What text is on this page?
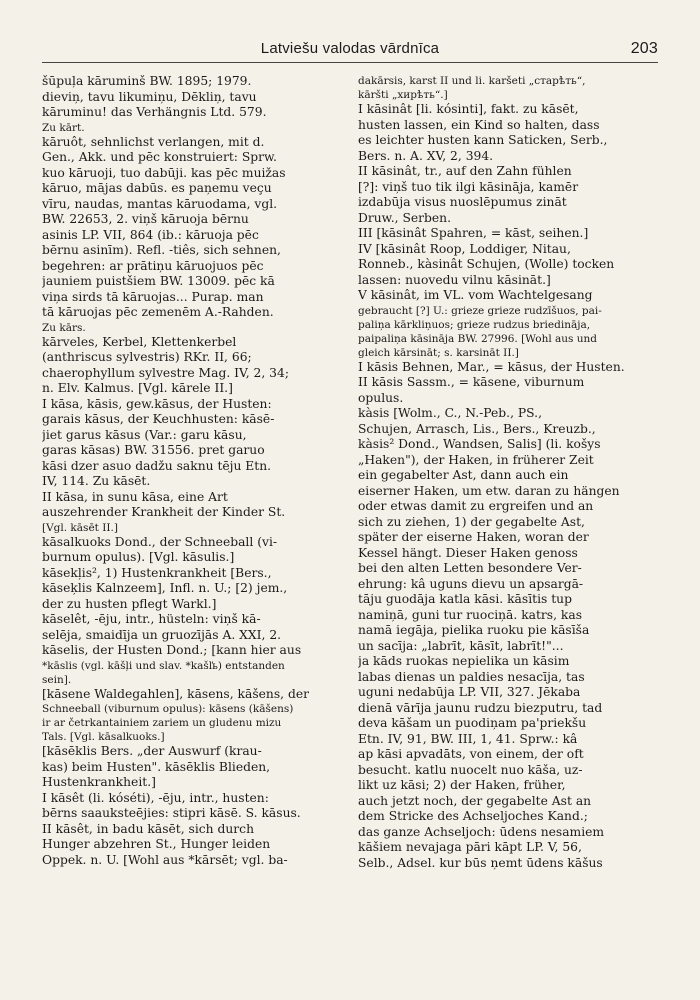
Latviešu valodas vārdnīca	203
šūpuļa kāruminš BW. 1895; 1979.
dieviņ, tavu likumiņu, Dēkliņ, tavu
kāruminu! das Verhängnis Ltd. 579.
Zu kārt.
kāruôt, sehnlichst verlangen, mit d.
Gen., Akk. und pēc konstruiert: Sprw.
kuo kāruoji, tuo dabūji. kas pēc muižas
kāruo, mājas dabūs. es paņemu veçu
vīru, naudas, mantas kāruodama, vgl.
BW. 22653, 2. viņš kāruoja bērnu
asinis LP. VII, 864 (ib.: kāruoja pēc
bērnu asinīm). Refl. -tiês, sich sehnen,
begehren: ar prātiņu kāruojuos pēc
jauniem puistšiem BW. 13009. pēc kā
viņa sirds tā kāruojas... Purap. man
tā kāruojas pēc zemenēm A.-Rahden.
Zu kārs.
kārveles, Kerbel, Klettenkerbel
(anthriscus sylvestris) RKr. II, 66;
chaerophyllum sylvestre Mag. IV, 2, 34;
n. Elv. Kalmus. [Vgl. kārele II.]
I kāsa, kāsis, gew.kāsus, der Husten:
garais kāsus, der Keuchhusten: kāsē-
jiet garus kāsus (Var.: garu kāsu,
garas kāsas) BW. 31556. pret garuo
kāsi dzer asuo dadžu saknu tēju Etn.
IV, 114. Zu kāsēt.
II kāsa, in sunu kāsa, eine Art
auszehrender Krankheit der Kinder St.
[Vgl. kāsēt II.]
kāsalkuoks Dond., der Schneeball (vi-
burnum opulus). [Vgl. kāsulis.]
kāsekl̦is², 1) Hustenkrankheit [Bers.,
kāsek̦lis Kalnzeem], Infl. n. U.; [2) jem.,
der zu husten pflegt Warkl.]
kāselêt, -ēju, intr., hüsteln: viņš kā-
selēja, smaidīja un gruozījās A. XXI, 2.
kāselis, der Husten Dond.; [kann hier aus
*kāslis (vgl. kāšļi und slav. *kašľь) entstanden
sein].
[kāsene Waldegahlen], kāsens, kāšens, der
Schneeball (viburnum opulus): kāsens (kāšens)
ir ar četrkantainiem zariem un gludenu mizu
Tals. [Vgl. kāsalkuoks.]
[kāsēklis Bers. „der Auswurf (krau-
kas) beim Husten". kāsēklis Blieden,
Hustenkrankheit.]
I kāsêt (li. kóséti), -ēju, intr., husten:
bērns saauksteējies: stipri kāsē. S. kāsus.
II kāsêt, in badu kāsēt, sich durch
Hunger abzehren St., Hunger leiden
Oppek. n. U. [Wohl aus *kārsēt; vgl. ba-
dakārsis, karst II und li. karšeti „старѣть“,
kāršti „хирѣть“.]
I kāsinât [li. kósinti], fakt. zu kāsēt,
husten lassen, ein Kind so halten, dass
es leichter husten kann Saticken, Serb.,
Bers. n. A. XV, 2, 394.
II kāsinât, tr., auf den Zahn fühlen
[?]: viņš tuo tik ilgi kāsināja, kamēr
izdabūja visus nuoslēpumus zināt
Druw., Serben.
III [kāsinât Spahren, = kāst, seihen.]
IV [kāsinât Roop, Loddiger, Nitau,
Ronneb., kàsinât Schujen, (Wolle) tocken
lassen: nuovedu vilnu kāsināt.]
V kāsinât, im VL. vom Wachtelgesang
gebraucht [?] U.: grieze grieze rudzīšuos, pai-
paliņa kārkliņuos; grieze rudzus briedināja,
paipaliņa kāsināja BW. 27996. [Wohl aus und
gleich kārsināt; s. karsināt II.]
I kāsis Behnen, Mar., = kāsus, der Husten.
II kāsis Sassm., = kāsene, viburnum
opulus.
kàsis [Wolm., C., N.-Peb., PS.,
Schujen, Arrasch, Lis., Bers., Kreuzb.,
kàsis² Dond., Wandsen, Salis] (li. košys
„Haken"), der Haken, in früherer Zeit
ein gegabelter Ast, dann auch ein
eiserner Haken, um etw. daran zu hängen
oder etwas damit zu ergreifen und an
sich zu ziehen, 1) der gegabelte Ast,
später der eiserne Haken, woran der
Kessel hängt. Dieser Haken genoss
bei den alten Letten besondere Ver-
ehrung: kâ uguns dievu un apsargā-
tāju guodāja katla kāsi. kāsītis tup
namiņā, guni tur ruociņā. katrs, kas
namā iegāja, pielika ruoku pie kāsīša
un sacīja: „labrīt, kāsīt, labrīt!"...
ja kāds ruokas nepielika un kāsim
labas dienas un paldies nesacīja, tas
uguni nedabūja LP. VII, 327. Jēkaba
dienā vārīja jaunu rudzu biezputru, tad
deva kāšam un puodiņam pa'priekšu
Etn. IV, 91, BW. III, 1, 41. Sprw.: kâ
ap kāsi apvadāts, von einem, der oft
besucht. katlu nuocelt nuo kāša, uz-
likt uz kāsi; 2) der Haken, früher,
auch jetzt noch, der gegabelte Ast an
dem Stricke des Achseljoches Kand.;
das ganze Achseljoch: ūdens nesamiem
kāšiem nevajaga pāri kāpt LP. V, 56,
Selb., Adsel. kur būs ņemt ūdens kāšus
